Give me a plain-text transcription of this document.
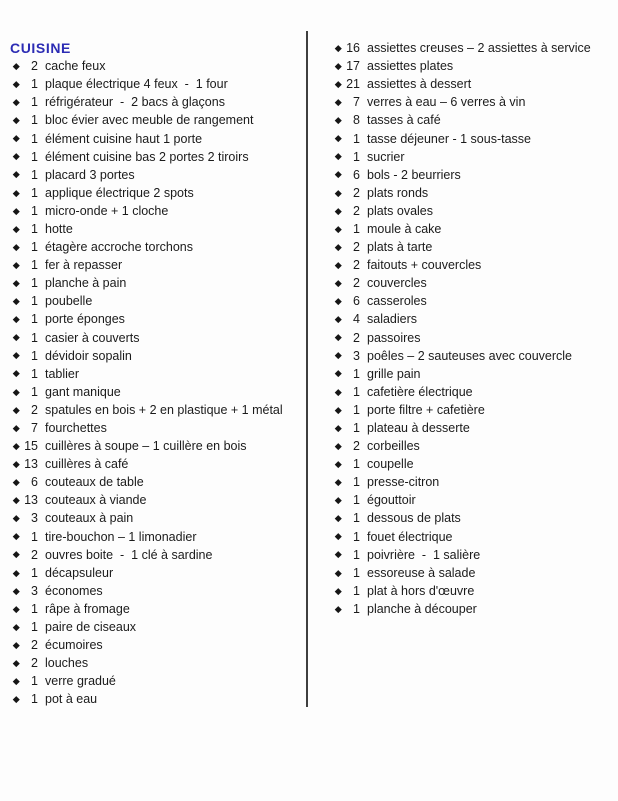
CUISINE
2 cache feux
1 plaque électrique 4 feux  -  1 four
1 réfrigérateur  -  2 bacs à glaçons
1 bloc évier avec meuble de rangement
1 élément cuisine haut 1 porte
1 élément cuisine bas 2 portes 2 tiroirs
1 placard 3 portes
1 applique électrique 2 spots
1 micro-onde + 1 cloche
1 hotte
1 étagère accroche torchons
1 fer à repasser
1 planche à pain
1 poubelle
1 porte éponges
1 casier à couverts
1 dévidoir sopalin
1 tablier
1 gant manique
2 spatules en bois + 2 en plastique + 1 métal
7 fourchettes
15 cuillères à soupe – 1 cuillère en bois
13 cuillères à café
6 couteaux de table
13 couteaux à viande
3 couteaux à pain
1 tire-bouchon – 1 limonadier
2 ouvres boite  -  1 clé à sardine
1 décapsuleur
3 économes
1 râpe à fromage
1 paire de ciseaux
2 écumoires
2 louches
1 verre gradué
1 pot à eau
16 assiettes creuses – 2 assiettes à service
17 assiettes plates
21 assiettes à dessert
7 verres à eau – 6 verres à vin
8 tasses à café
1 tasse déjeuner - 1 sous-tasse
1 sucrier
6 bols - 2 beurriers
2 plats ronds
2 plats ovales
1 moule à cake
2 plats à tarte
2 faitouts + couvercles
2 couvercles
6 casseroles
4 saladiers
2 passoires
3 poêles – 2 sauteuses avec couvercle
1 grille pain
1 cafetière électrique
1 porte filtre + cafetière
1 plateau à desserte
2 corbeilles
1 coupelle
1 presse-citron
1 égouttoir
1 dessous de plats
1 fouet électrique
1 poivrière  -  1 salière
1 essoreuse à salade
1 plat à hors d'œuvre
1 planche à découper
